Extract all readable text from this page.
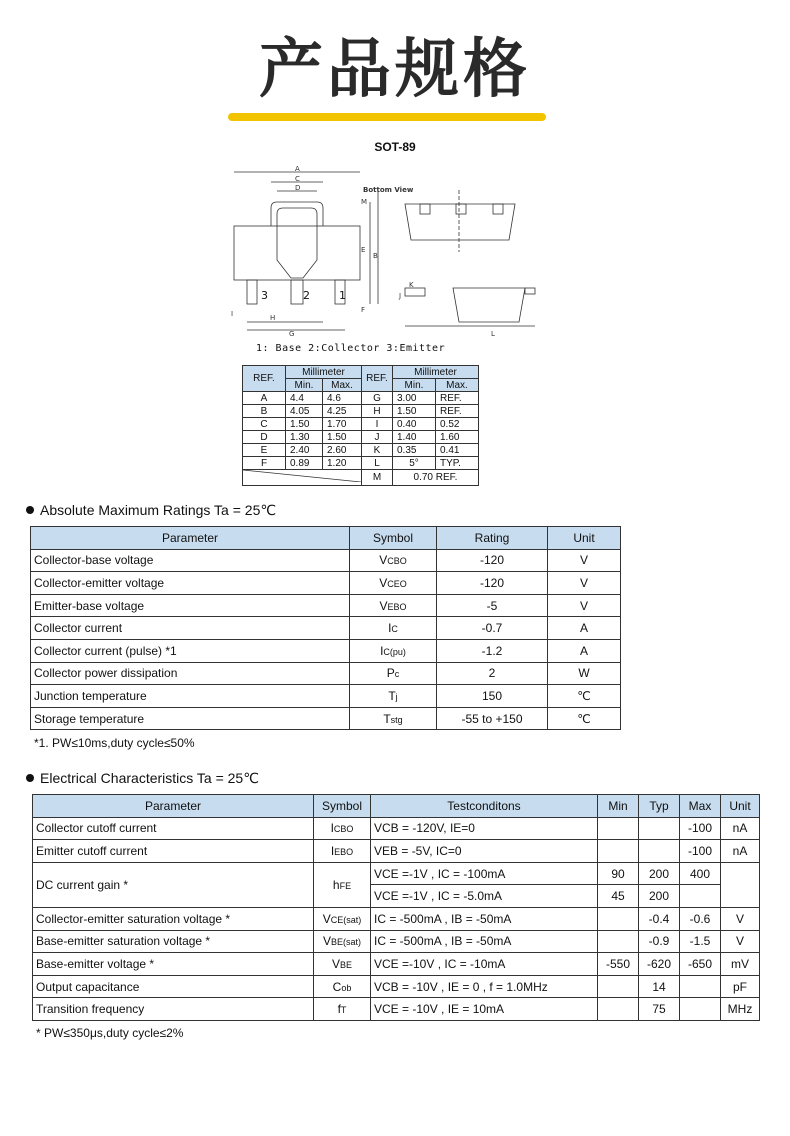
产品规格
SOT-89
Bottom View
A
C
D
M
E
B
F
I	H
G
J
K
L
3	2	1
1: Base 2:Collector 3:Emitter
REF.	Millimeter		REF.	Millimeter	
	Min.	Max.		Min.	Max.
A	4.4	4.6	G	3.00	REF.
B	4.05	4.25	H	1.50	REF.
C	1.50	1.70	I	0.40	0.52
D	1.30	1.50	J	1.40	1.60
E	2.40	2.60	K	0.35	0.41
F	0.89	1.20	L	5°	TYP.
	M	0.70 REF.	
Absolute Maximum Ratings Ta = 25℃
Parameter	Symbol	Rating	Unit
Collector-base voltage	VCBO	-120	V
Collector-emitter voltage	VCEO	-120	V
Emitter-base voltage	VEBO	-5	V
Collector current	IC	-0.7	A
Collector current (pulse) *1	IC(pu)	-1.2	A
Collector power dissipation	Pc	2	W
Junction temperature	Tj	150	℃
Storage temperature	Tstg	-55 to +150	℃
*1. PW≤10ms,duty cycle≤50%
Electrical Characteristics Ta = 25℃
Parameter	Symbol	Testconditons	Min	Typ	Max	Unit
Collector cutoff current	ICBO	VCB = -120V, IE=0			-100	nA
Emitter cutoff current	IEBO	VEB = -5V, IC=0			-100	nA
DC current gain *	hFE	VCE =-1V , IC = -100mA	90	200	400	
		VCE =-1V , IC = -5.0mA	45	200		
Collector-emitter saturation voltage *	VCE(sat)	IC = -500mA , IB = -50mA		-0.4	-0.6	V
Base-emitter saturation voltage *	VBE(sat)	IC = -500mA , IB = -50mA		-0.9	-1.5	V
Base-emitter voltage *	VBE	VCE =-10V , IC = -10mA	-550	-620	-650	mV
Output capacitance	Cob	VCB = -10V , IE = 0 , f = 1.0MHz		14		pF
Transition frequency	fT	VCE = -10V , IE = 10mA		75		MHz
* PW≤350μs,duty cycle≤2%
